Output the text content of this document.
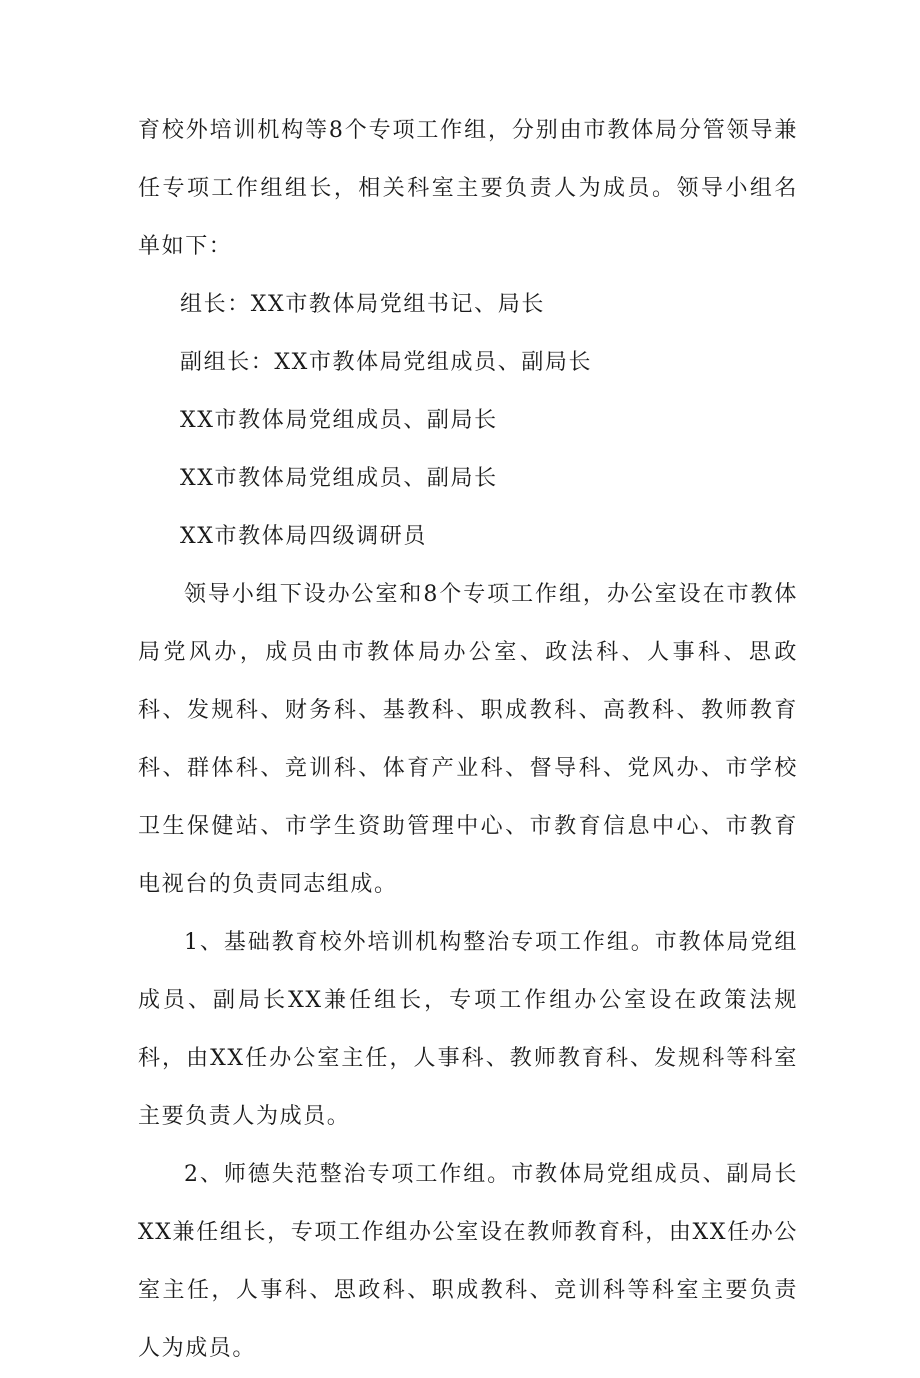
育校外培训机构等8个专项工作组，分别由市教体局分管领导兼任专项工作组组长，相关科室主要负责人为成员。领导小组名单如下：

组长：XX市教体局党组书记、局长

副组长：XX市教体局党组成员、副局长

XX市教体局党组成员、副局长

XX市教体局党组成员、副局长

XX市教体局四级调研员

领导小组下设办公室和8个专项工作组，办公室设在市教体局党风办，成员由市教体局办公室、政法科、人事科、思政科、发规科、财务科、基教科、职成教科、高教科、教师教育科、群体科、竞训科、体育产业科、督导科、党风办、市学校卫生保健站、市学生资助管理中心、市教育信息中心、市教育电视台的负责同志组成。

1、基础教育校外培训机构整治专项工作组。市教体局党组成员、副局长XX兼任组长，专项工作组办公室设在政策法规科，由XX任办公室主任，人事科、教师教育科、发规科等科室主要负责人为成员。

2、师德失范整治专项工作组。市教体局党组成员、副局长XX兼任组长，专项工作组办公室设在教师教育科，由XX任办公室主任，人事科、思政科、职成教科、竞训科等科室主要负责人为成员。
